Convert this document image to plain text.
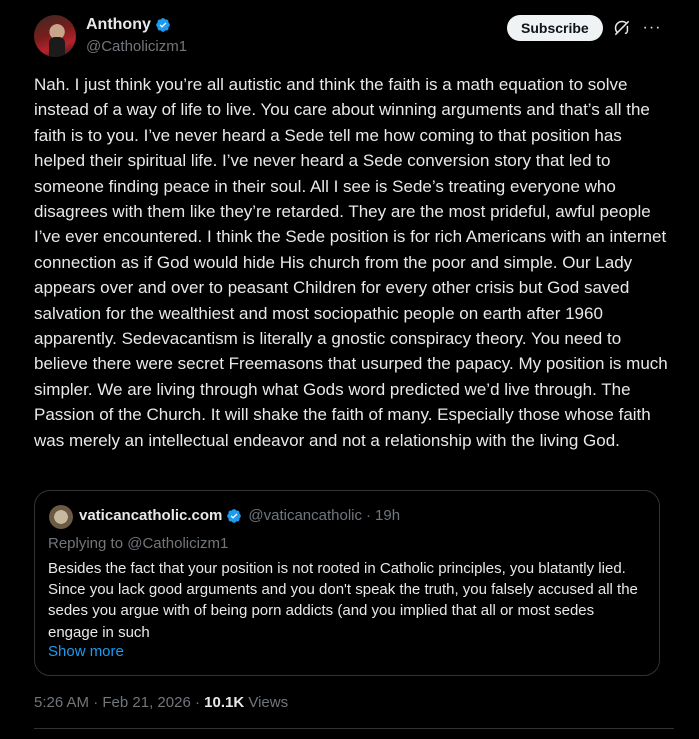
Anthony
@Catholicizm1
Subscribe	···
Nah. I just think you’re all autistic and think the faith is a math equation to solve instead of a way of life to live. You care about winning arguments and that’s all the faith is to you. I’ve never heard a Sede tell me how coming to that position has helped their spiritual life. I’ve never heard a Sede conversion story that led to someone finding peace in their soul. All I see is Sede’s treating everyone who disagrees with them like they’re retarded. They are the most prideful, awful people I’ve ever encountered. I think the Sede position is for rich Americans with an internet connection as if God would hide His church from the poor and simple. Our Lady appears over and over to peasant Children for every other crisis but God saved salvation for the wealthiest and most sociopathic people on earth after 1960 apparently. Sedevacantism is literally a gnostic conspiracy theory. You need to believe there were secret Freemasons that usurped the papacy. My position is much simpler. We are living through what Gods word predicted we’d live through. The Passion of the Church. It will shake the faith of many. Especially those whose faith was merely an intellectual endeavor and not a relationship with the living God.
vaticancatholic.com @vaticancatholic · 19h
Replying to @Catholicizm1
Besides the fact that your position is not rooted in Catholic principles, you blatantly lied. Since you lack good arguments and you don't speak the truth, you falsely accused all the sedes you argue with of being porn addicts (and you implied that all or most sedes engage in such
Show more
5:26 AM · Feb 21, 2026 · 10.1K Views
